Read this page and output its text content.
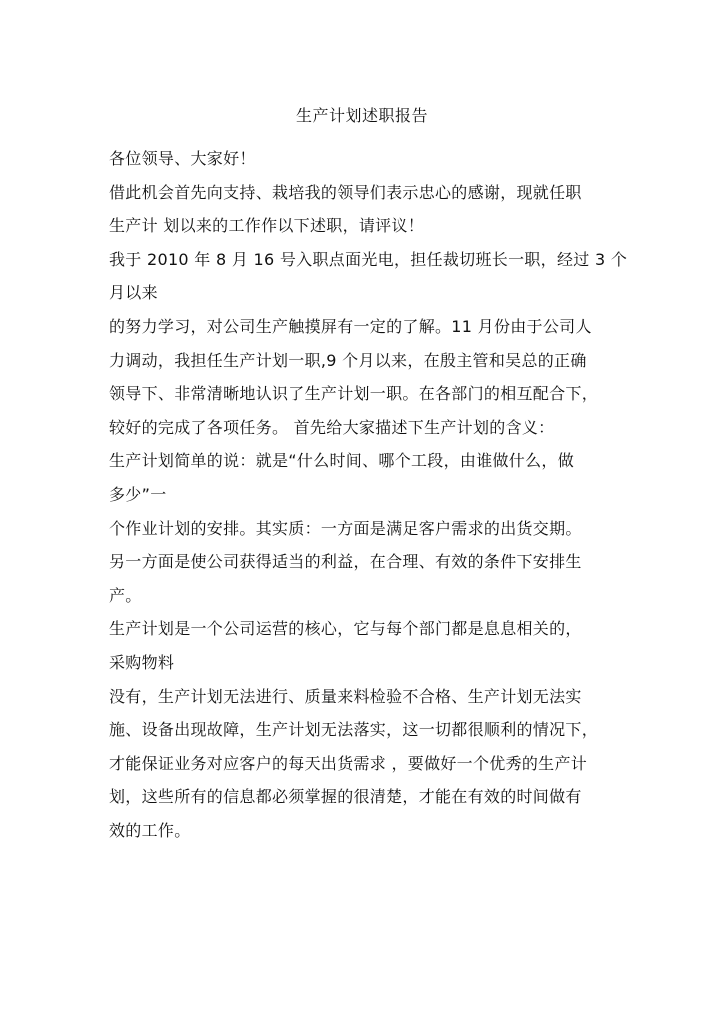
生产计划述职报告
各位领导、大家好！
借此机会首先向支持、栽培我的领导们表示忠心的感谢，现就任职
生产计 划以来的工作作以下述职，请评议！
我于 2010 年 8 月 16 号入职点面光电，担任裁切班长一职，经过 3 个
月以来
的努力学习，对公司生产触摸屏有一定的了解。11 月份由于公司人
力调动，我担任生产计划一职,9 个月以来，在殷主管和吴总的正确
领导下、非常清晰地认识了生产计划一职。在各部门的相互配合下，
较好的完成了各项任务。 首先给大家描述下生产计划的含义：
生产计划简单的说：就是“什么时间、哪个工段，由谁做什么，做
多少”一
个作业计划的安排。其实质：一方面是满足客户需求的出货交期。
另一方面是使公司获得适当的利益，在合理、有效的条件下安排生
产。
生产计划是一个公司运营的核心，它与每个部门都是息息相关的，
采购物料
没有，生产计划无法进行、质量来料检验不合格、生产计划无法实
施、设备出现故障，生产计划无法落实，这一切都很顺利的情况下，
才能保证业务对应客户的每天出货需求 ，要做好一个优秀的生产计
划，这些所有的信息都必须掌握的很清楚，才能在有效的时间做有
效的工作。
